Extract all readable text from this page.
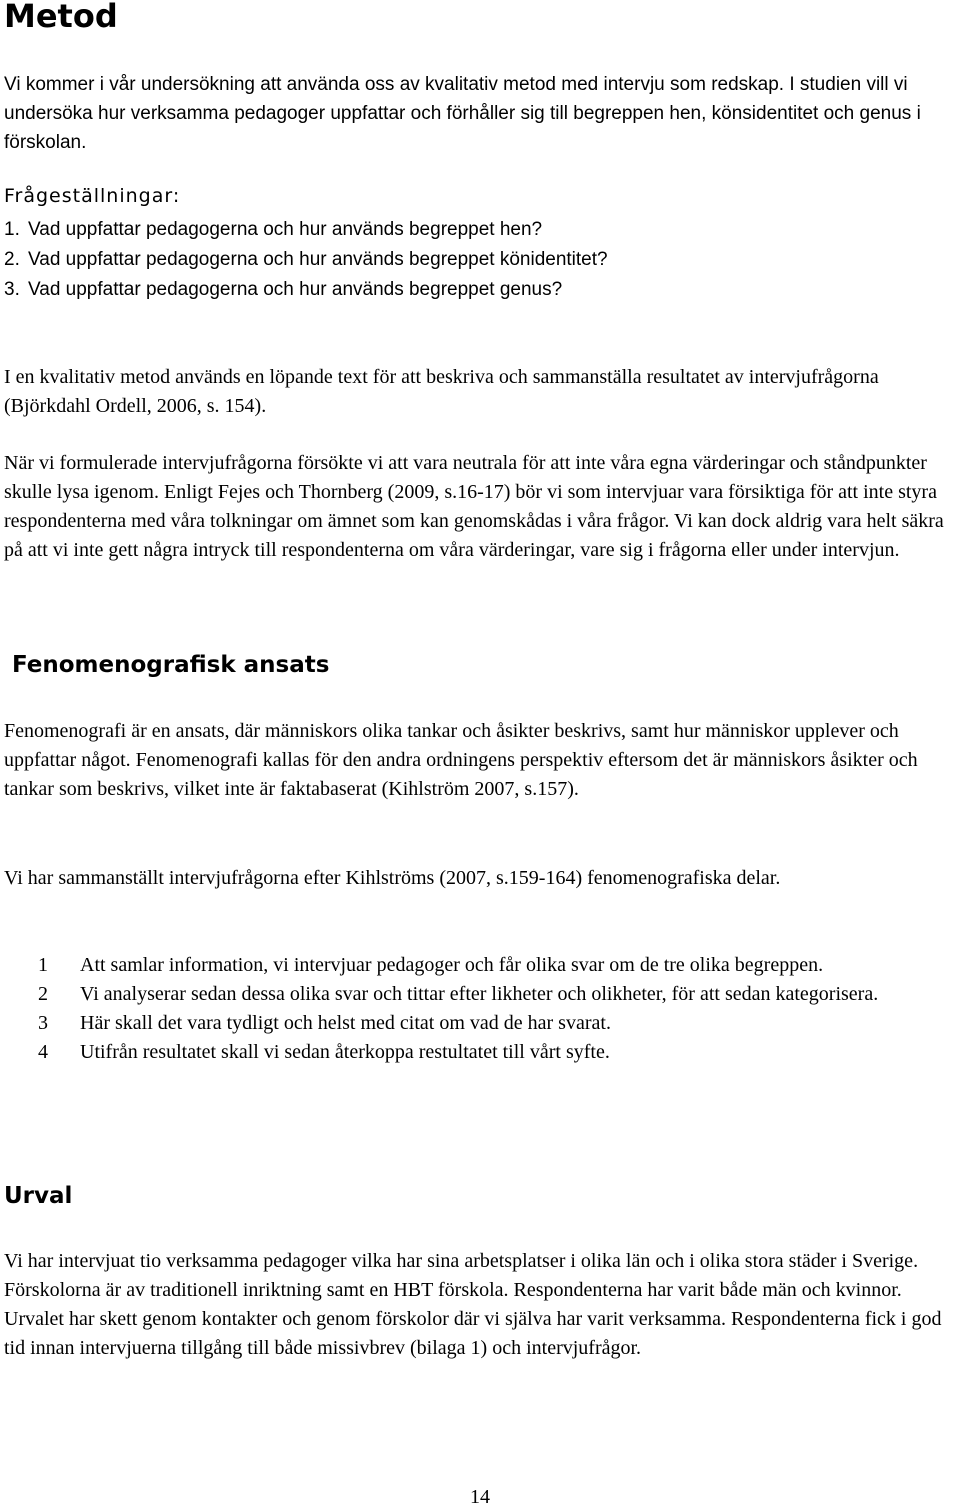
Metod

Vi kommer i vår undersökning att använda oss av kvalitativ metod med intervju som redskap. I studien vill vi undersöka hur verksamma pedagoger uppfattar och förhåller sig till begreppen hen, könsidentitet och genus i förskolan.

Frågeställningar:
1. Vad uppfattar pedagogerna och hur används begreppet hen?
2. Vad uppfattar pedagogerna och hur används begreppet könidentitet?
3. Vad uppfattar pedagogerna och hur används begreppet genus?

I en kvalitativ metod används en löpande text för att beskriva och sammanställa resultatet av intervjufrågorna (Björkdahl Ordell, 2006, s. 154).

När vi formulerade intervjufrågorna försökte vi att vara neutrala för att inte våra egna värderingar och ståndpunkter skulle lysa igenom. Enligt Fejes och Thornberg (2009, s.16-17) bör vi som intervjuar vara försiktiga för att inte styra respondenterna med våra tolkningar om ämnet som kan genomskådas i våra frågor. Vi kan dock aldrig vara helt säkra på att vi inte gett några intryck till respondenterna om våra värderingar, vare sig i frågorna eller under intervjun.

Fenomenografisk ansats

Fenomenografi är en ansats, där människors olika tankar och åsikter beskrivs, samt hur människor upplever och uppfattar något. Fenomenografi kallas för den andra ordningens perspektiv eftersom det är människors åsikter och tankar som beskrivs, vilket inte är faktabaserat (Kihlström 2007, s.157).

Vi har sammanställt intervjufrågorna efter Kihlströms (2007, s.159-164) fenomenografiska delar.

1	Att samlar information, vi intervjuar pedagoger och får olika svar om de tre olika begreppen.
2	Vi analyserar sedan dessa olika svar och tittar efter likheter och olikheter, för att sedan kategorisera.
3	Här skall det vara tydligt och helst med citat om vad de har svarat.
4	Utifrån resultatet skall vi sedan återkoppa restultatet till vårt syfte.
Urval

Vi har intervjuat tio verksamma pedagoger vilka har sina arbetsplatser i olika län och i olika stora städer i Sverige. Förskolorna är av traditionell inriktning samt en HBT förskola. Respondenterna har varit både män och kvinnor. Urvalet har skett genom kontakter och genom förskolor där vi själva har varit verksamma. Respondenterna fick i god tid innan intervjuerna tillgång till både missivbrev (bilaga 1) och intervjufrågor.

14
